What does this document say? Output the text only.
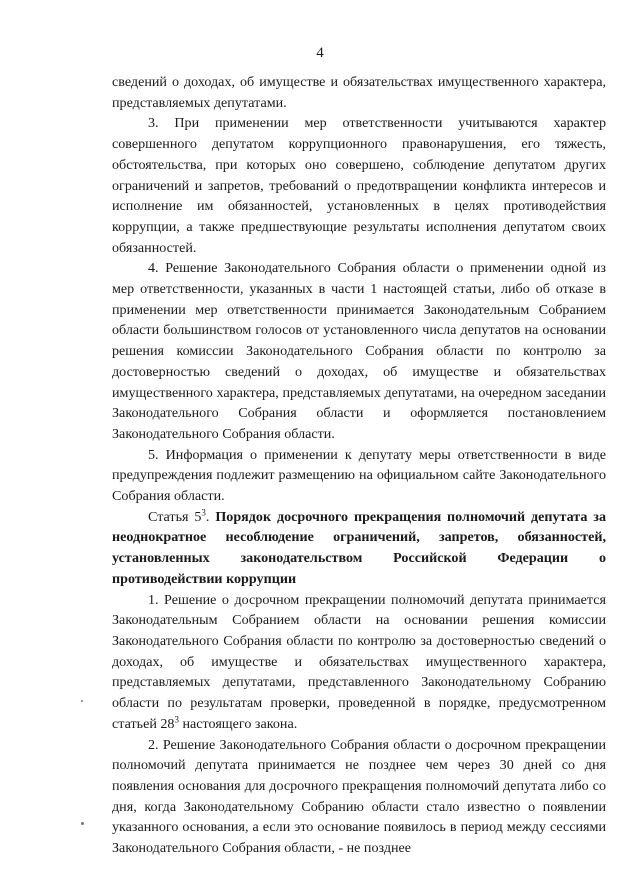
4

сведений о доходах, об имуществе и обязательствах имущественного характера, представляемых депутатами.

3. При применении мер ответственности учитываются характер совершенного депутатом коррупционного правонарушения, его тяжесть, обстоятельства, при которых оно совершено, соблюдение депутатом других ограничений и запретов, требований о предотвращении конфликта интересов и исполнение им обязанностей, установленных в целях противодействия коррупции, а также предшествующие результаты исполнения депутатом своих обязанностей.

4. Решение Законодательного Собрания области о применении одной из мер ответственности, указанных в части 1 настоящей статьи, либо об отказе в применении мер ответственности принимается Законодательным Собранием области большинством голосов от установленного числа депутатов на основании решения комиссии Законодательного Собрания области по контролю за достоверностью сведений о доходах, об имуществе и обязательствах имущественного характера, представляемых депутатами, на очередном заседании Законодательного Собрания области и оформляется постановлением Законодательного Собрания области.

5. Информация о применении к депутату меры ответственности в виде предупреждения подлежит размещению на официальном сайте Законодательного Собрания области.

Статья $5^3$. Порядок досрочного прекращения полномочий депутата за неоднократное несоблюдение ограничений, запретов, обязанностей, установленных законодательством Российской Федерации о противодействии коррупции

1. Решение о досрочном прекращении полномочий депутата принимается Законодательным Собранием области на основании решения комиссии Законодательного Собрания области по контролю за достоверностью сведений о доходах, об имуществе и обязательствах имущественного характера, представляемых депутатами, представленного Законодательному Собранию области по результатам проверки, проведенной в порядке, предусмотренном статьей $28^3$ настоящего закона.

2. Решение Законодательного Собрания области о досрочном прекращении полномочий депутата принимается не позднее чем через 30 дней со дня появления основания для досрочного прекращения полномочий депутата либо со дня, когда Законодательному Собранию области стало известно о появлении указанного основания, а если это основание появилось в период между сессиями Законодательного Собрания области, - не позднее
